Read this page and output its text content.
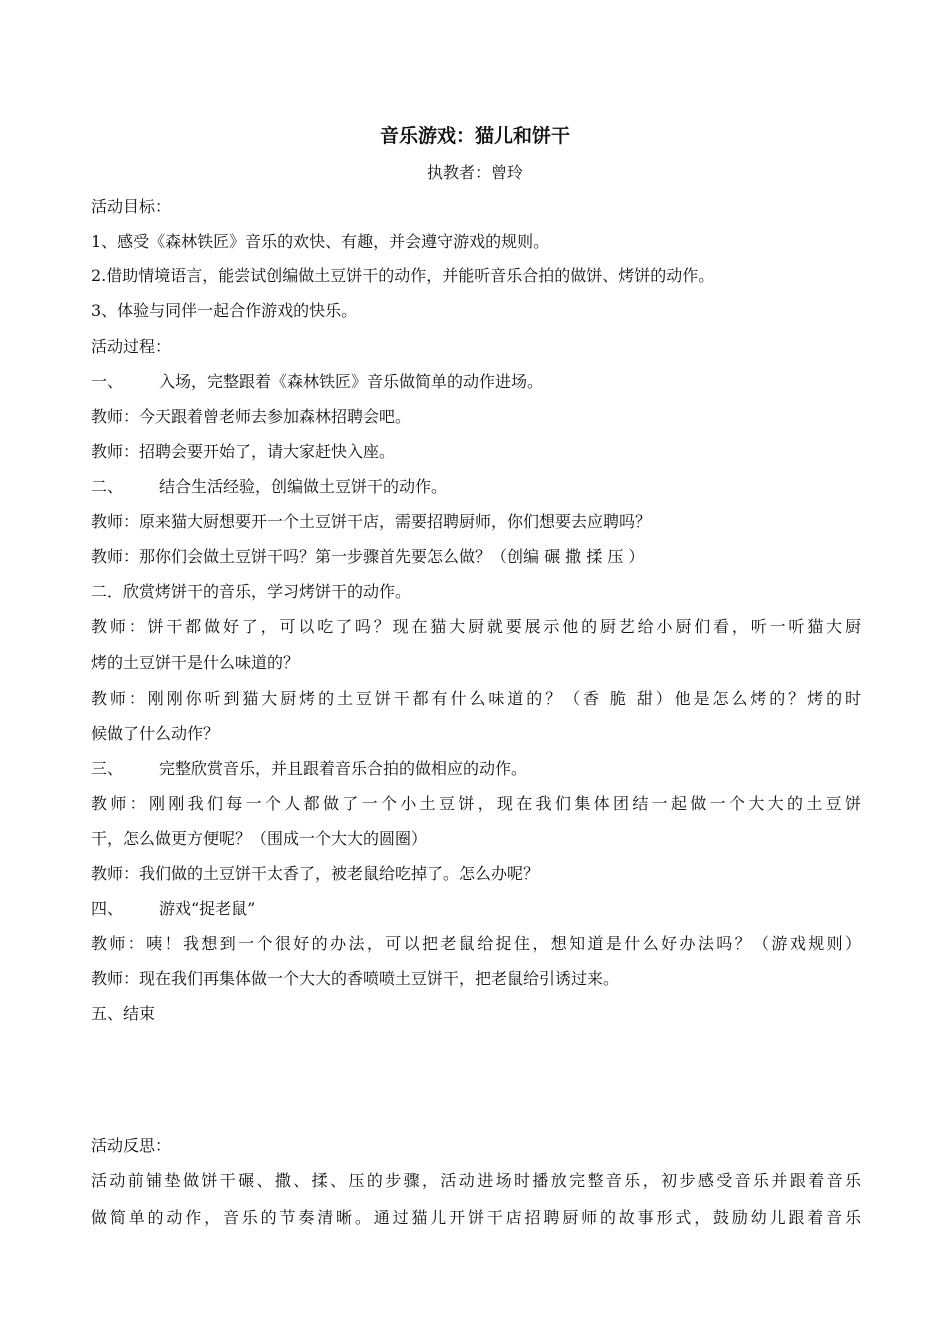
音乐游戏：猫儿和饼干
执教者：曾玲
活动目标：
1、感受《森林铁匠》音乐的欢快、有趣，并会遵守游戏的规则。
2.借助情境语言，能尝试创编做土豆饼干的动作，并能听音乐合拍的做饼、烤饼的动作。
3、体验与同伴一起合作游戏的快乐。
活动过程：
一、 入场，完整跟着《森林铁匠》音乐做简单的动作进场。
教师：今天跟着曾老师去参加森林招聘会吧。
教师：招聘会要开始了，请大家赶快入座。
二、 结合生活经验，创编做土豆饼干的动作。
教师：原来猫大厨想要开一个土豆饼干店，需要招聘厨师，你们想要去应聘吗？
教师：那你们会做土豆饼干吗？第一步骤首先要怎么做？（创编 碾 撒 揉 压 ）
二．欣赏烤饼干的音乐，学习烤饼干的动作。
教师：饼干都做好了，可以吃了吗？现在猫大厨就要展示他的厨艺给小厨们看，听一听猫大厨
烤的土豆饼干是什么味道的？
教师：刚刚你听到猫大厨烤的土豆饼干都有什么味道的？（香 脆 甜）他是怎么烤的？烤的时
候做了什么动作？
三、 完整欣赏音乐，并且跟着音乐合拍的做相应的动作。
教师：刚刚我们每一个人都做了一个小土豆饼，现在我们集体团结一起做一个大大的土豆饼
干，怎么做更方便呢？（围成一个大大的圆圈）
教师：我们做的土豆饼干太香了，被老鼠给吃掉了。怎么办呢？
四、 游戏“捉老鼠”
教师：咦！我想到一个很好的办法，可以把老鼠给捉住，想知道是什么好办法吗？（游戏规则）
教师：现在我们再集体做一个大大的香喷喷土豆饼干，把老鼠给引诱过来。
五、结束
活动反思：
活动前铺垫做饼干碾、撒、揉、压的步骤，活动进场时播放完整音乐，初步感受音乐并跟着音乐
做简单的动作，音乐的节奏清晰。通过猫儿开饼干店招聘厨师的故事形式，鼓励幼儿跟着音乐
